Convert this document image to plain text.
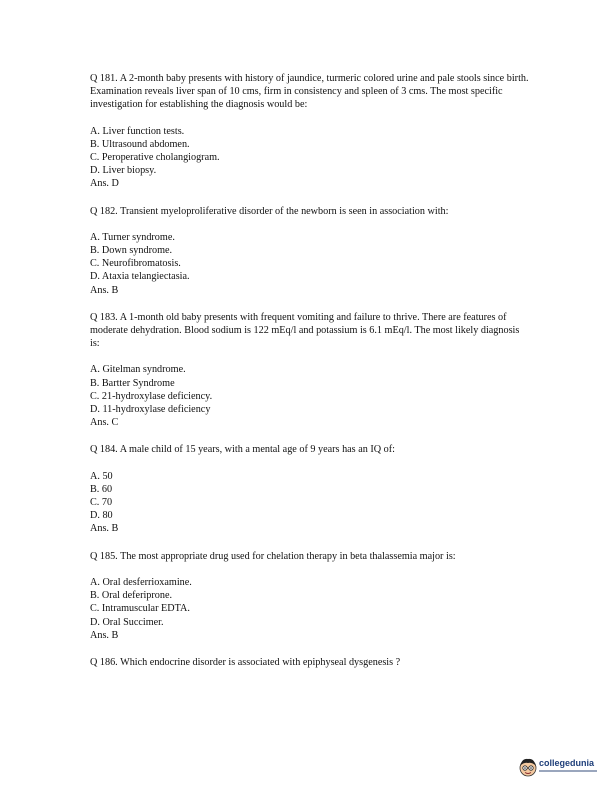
Q 181. A 2-month baby presents with history of jaundice, turmeric colored urine and pale stools since birth. Examination reveals liver span of 10 cms, firm in consistency and spleen of 3 cms. The most specific investigation for establishing the diagnosis would be:

A. Liver function tests.
B. Ultrasound abdomen.
C. Peroperative cholangiogram.
D. Liver biopsy.
Ans. D

Q 182. Transient myeloproliferative disorder of the newborn is seen in association with:

A. Turner syndrome.
B. Down syndrome.
C. Neurofibromatosis.
D. Ataxia telangiectasia.
Ans. B

Q 183. A 1-month old baby presents with frequent vomiting and failure to thrive. There are features of moderate dehydration. Blood sodium is 122 mEq/l and potassium is 6.1 mEq/l. The most likely diagnosis is:

A. Gitelman syndrome.
B. Bartter Syndrome
C. 21-hydroxylase deficiency.
D. 11-hydroxylase deficiency
Ans. C

Q 184. A male child of 15 years, with a mental age of 9 years has an IQ of:

A. 50
B. 60
C. 70
D. 80
Ans. B

Q 185. The most appropriate drug used for chelation therapy in beta thalassemia major is:

A. Oral desferrioxamine.
B. Oral deferiprone.
C. Intramuscular EDTA.
D. Oral Succimer.
Ans. B

Q 186. Which endocrine disorder is associated with epiphyseal dysgenesis ?

collegedunia
